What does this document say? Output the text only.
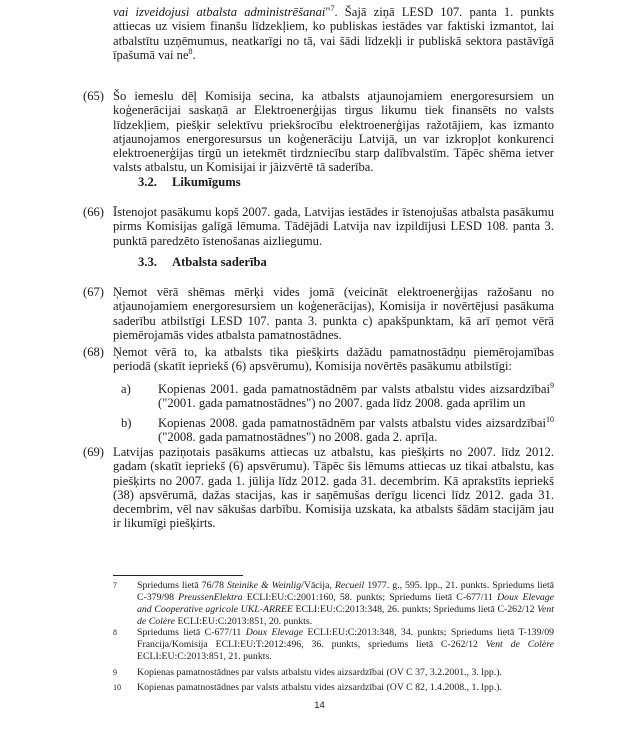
vai izveidojusi atbalsta administrēšanai"$^7$. Šajā ziņā LESD 107. panta 1. punkts attiecas uz visiem finanšu līdzekļiem, ko publiskas iestādes var faktiski izmantot, lai atbalstītu uzņēmumus, neatkarīgi no tā, vai šādi līdzekļi ir publiskā sektora pastāvīgā īpašumā vai $ne^8$.
(65) Šo iemeslu dēļ Komisija secina, ka atbalsts atjaunojamiem energoresursiem un koģenerācijai saskaņā ar Elektroenerģijas tirgus likumu tiek finansēts no valsts līdzekļiem, piešķir selektīvu priekšrocību elektroenerģijas ražotājiem, kas izmanto atjaunojamos energoresursus un koģenerāciju Latvijā, un var izkropļot konkurenci elektroenerģijas tirgū un ietekmēt tirdzniecību starp dalībvalstīm. Tāpēc shēma ietver valsts atbalstu, un Komisijai ir jāizvērtē tā saderība.
3.2. Likumīgums
(66) Īstenojot pasākumu kopš 2007. gada, Latvijas iestādes ir īstenojušas atbalsta pasākumu pirms Komisijas galīgā lēmuma. Tādējādi Latvija nav izpildījusi LESD 108. panta 3. punktā paredzēto īstenošanas aizliegumu.
3.3. Atbalsta saderība
(67) Ņemot vērā shēmas mērķi vides jomā (veicināt elektroenerģijas ražošanu no atjaunojamiem energoresursiem un koģenerācijas), Komisija ir novērtējusi pasākuma saderību atbilstīgi LESD 107. panta 3. punkta c) apakšpunktam, kā arī ņemot vērā piemērojamās vides atbalsta pamatnostādnes.
(68) Ņemot vērā to, ka atbalsts tika piešķirts dažādu pamatnostādņu piemērojamības periodā (skatīt iepriekš (6) apsvērumu), Komisija novērtēs pasākumu atbilstīgi:
a) Kopienas 2001. gada pamatnostādnēm par valsts atbalstu vides aizsardzībai$^9$ ("2001. gada pamatnostādnes") no 2007. gada līdz 2008. gada aprīlim un
b) Kopienas 2008. gada pamatnostādnēm par valsts atbalstu vides aizsardzībai$^{10}$ ("2008. gada pamatnostādnes") no 2008. gada 2. aprīļa.
(69) Latvijas paziņotais pasākums attiecas uz atbalstu, kas piešķirts no 2007. līdz 2012. gadam (skatīt iepriekš (6) apsvērumu). Tāpēc šis lēmums attiecas uz tikai atbalstu, kas piešķirts no 2007. gada 1. jūlija līdz 2012. gada 31. decembrim. Kā aprakstīts iepriekš (38) apsvērumā, dažas stacijas, kas ir saņēmušas derīgu licenci līdz 2012. gada 31. decembrim, vēl nav sākušas darbību. Komisija uzskata, ka atbalsts šādām stacijām jau ir likumīgi piešķirts.
7 Spriedums lietā 76/78 Steinike & Weinlig/Vācija, Recueil 1977. g., 595. lpp., 21. punkts. Spriedums lietā C-379/98 PreussenElektra ECLI:EU:C:2001:160, 58. punkts; Spriedums lietā C-677/11 Doux Elevage and Cooperative agricole UKL-ARREE ECLI:EU:C:2013:348, 26. punkts; Spriedums lietā C-262/12 Vent de Colère ECLI:EU:C:2013:851, 20. punkts.
8 Spriedums lietā C-677/11 Doux Elevage ECLI:EU:C:2013:348, 34. punkts; Spriedums lietā T-139/09 Francija/Komisija ECLI:EU:T:2012:496, 36. punkts, spriedums lietā C-262/12 Vent de Colère ECLI:EU:C:2013:851, 21. punkts.
9 Kopienas pamatnostādnes par valsts atbalstu vides aizsardzībai (OV C 37, 3.2.2001., 3. lpp.).
10 Kopienas pamatnostādnes par valsts atbalstu vides aizsardzībai (OV C 82, 1.4.2008., 1. lpp.).
14
